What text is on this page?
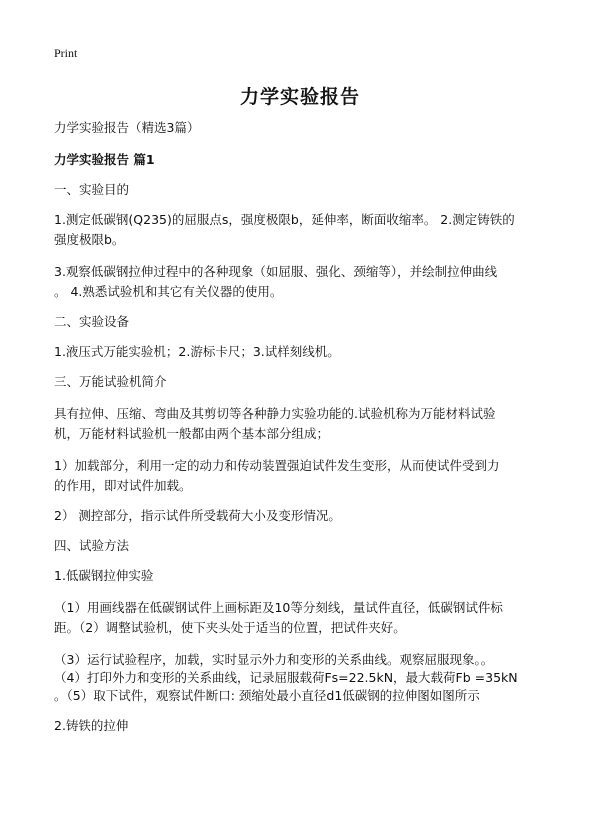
Print
力学实验报告
力学实验报告（精选3篇）
力学实验报告 篇1
一、实验目的
1.测定低碳钢(Q235)的屈服点s，强度极限b，延伸率，断面收缩率。 2.测定铸铁的
强度极限b。
3.观察低碳钢拉伸过程中的各种现象（如屈服、强化、颈缩等），并绘制拉伸曲线
。 4.熟悉试验机和其它有关仪器的使用。
二、实验设备
1.液压式万能实验机；2.游标卡尺；3.试样刻线机。
三、万能试验机简介
具有拉伸、压缩、弯曲及其剪切等各种静力实验功能的.试验机称为万能材料试验
机，万能材料试验机一般都由两个基本部分组成；
1）加载部分，利用一定的动力和传动装置强迫试件发生变形，从而使试件受到力
的作用，即对试件加载。
2） 测控部分，指示试件所受载荷大小及变形情况。
四、试验方法
1.低碳钢拉伸实验
（1）用画线器在低碳钢试件上画标距及10等分刻线，量试件直径，低碳钢试件标
距。（2）调整试验机，使下夹头处于适当的位置，把试件夹好。
（3）运行试验程序，加载，实时显示外力和变形的关系曲线。观察屈服现象。。
（4）打印外力和变形的关系曲线，记录屈服载荷Fs=22.5kN，最大载荷Fb =35kN
。（5）取下试件，观察试件断口: 颈缩处最小直径d1低碳钢的拉伸图如图所示
2.铸铁的拉伸
